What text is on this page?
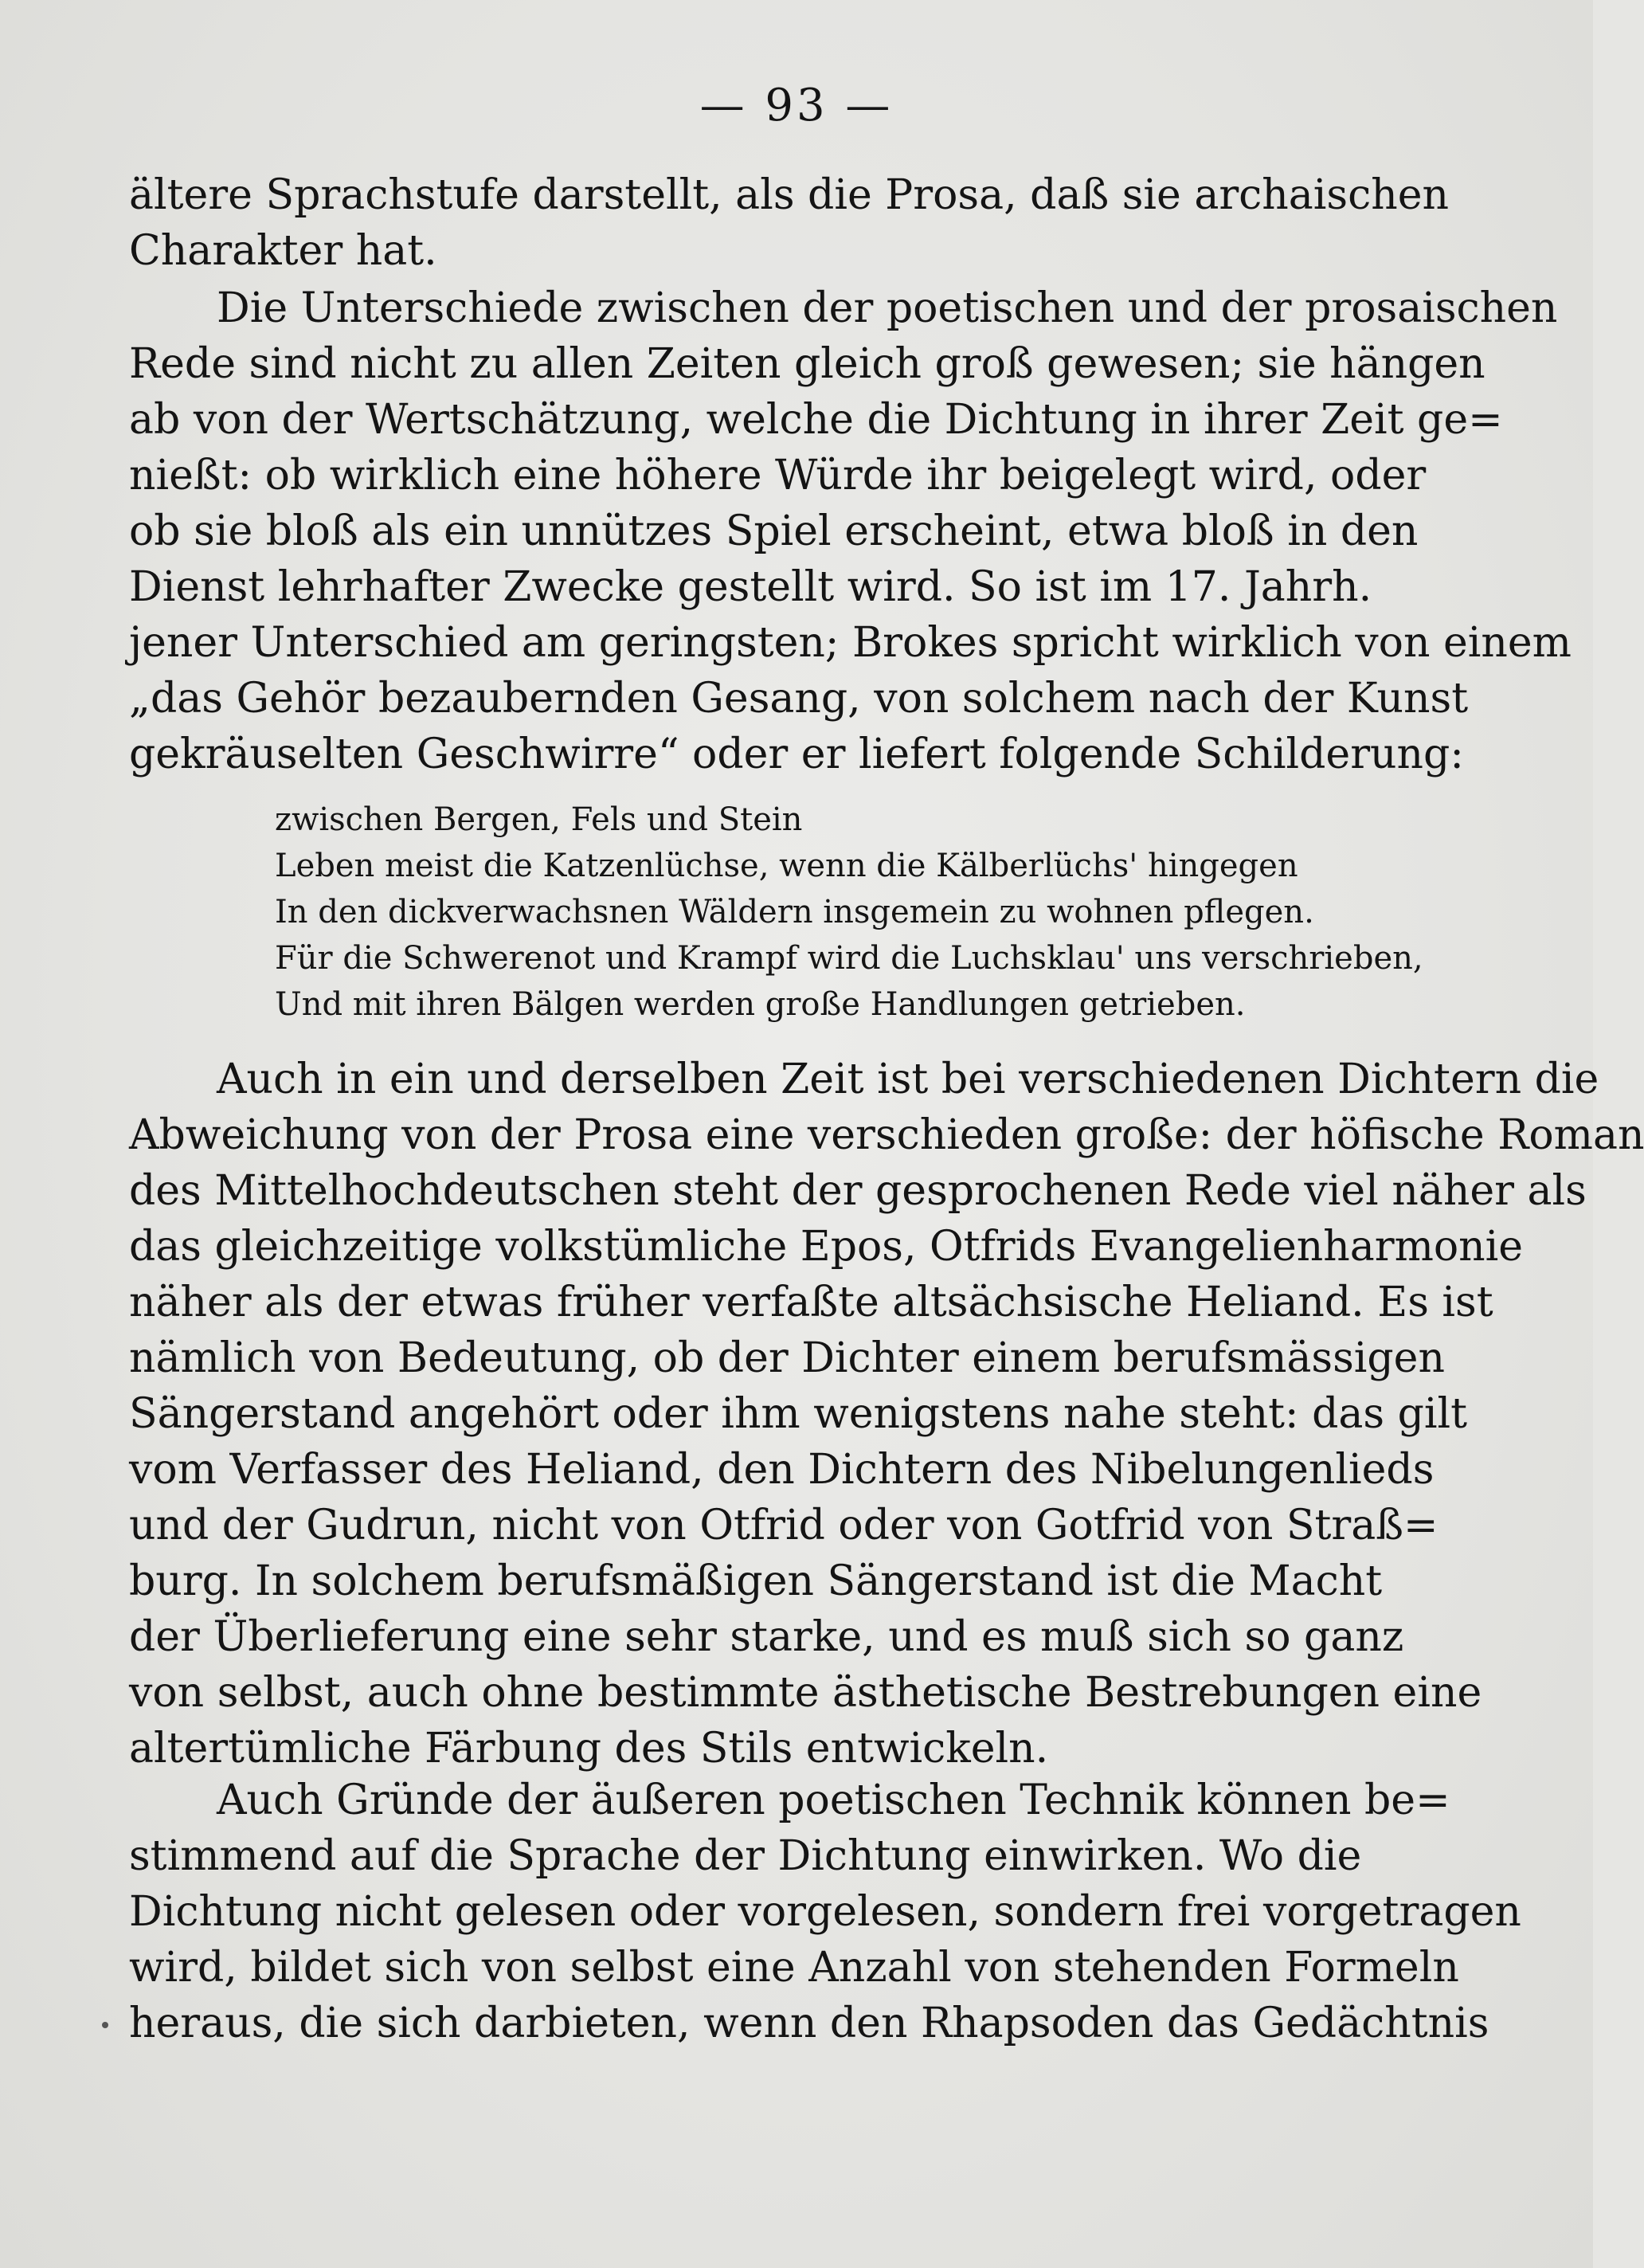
— 93 —
ältere Sprachstufe darstellt, als die Prosa, daß sie archaischen
Charakter hat.
Die Unterschiede zwischen der poetischen und der prosaischen
Rede sind nicht zu allen Zeiten gleich groß gewesen; sie hängen
ab von der Wertschätzung, welche die Dichtung in ihrer Zeit ge=
nießt: ob wirklich eine höhere Würde ihr beigelegt wird, oder
ob sie bloß als ein unnützes Spiel erscheint, etwa bloß in den
Dienst lehrhafter Zwecke gestellt wird. So ist im 17. Jahrh.
jener Unterschied am geringsten; Brokes spricht wirklich von einem
„das Gehör bezaubernden Gesang, von solchem nach der Kunst
gekräuselten Geschwirre“ oder er liefert folgende Schilderung:
zwischen Bergen, Fels und Stein
Leben meist die Katzenlüchse, wenn die Kälberlüchs' hingegen
In den dickverwachsnen Wäldern insgemein zu wohnen pflegen.
Für die Schwerenot und Krampf wird die Luchsklau' uns verschrieben,
Und mit ihren Bälgen werden große Handlungen getrieben.
Auch in ein und derselben Zeit ist bei verschiedenen Dichtern die
Abweichung von der Prosa eine verschieden große: der höfische Roman
des Mittelhochdeutschen steht der gesprochenen Rede viel näher als
das gleichzeitige volkstümliche Epos, Otfrids Evangelienharmonie
näher als der etwas früher verfaßte altsächsische Heliand. Es ist
nämlich von Bedeutung, ob der Dichter einem berufsmässigen
Sängerstand angehört oder ihm wenigstens nahe steht: das gilt
vom Verfasser des Heliand, den Dichtern des Nibelungenlieds
und der Gudrun, nicht von Otfrid oder von Gotfrid von Straß=
burg. In solchem berufsmäßigen Sängerstand ist die Macht
der Überlieferung eine sehr starke, und es muß sich so ganz
von selbst, auch ohne bestimmte ästhetische Bestrebungen eine
altertümliche Färbung des Stils entwickeln.
Auch Gründe der äußeren poetischen Technik können be=
stimmend auf die Sprache der Dichtung einwirken. Wo die
Dichtung nicht gelesen oder vorgelesen, sondern frei vorgetragen
wird, bildet sich von selbst eine Anzahl von stehenden Formeln
heraus, die sich darbieten, wenn den Rhapsoden das Gedächtnis
